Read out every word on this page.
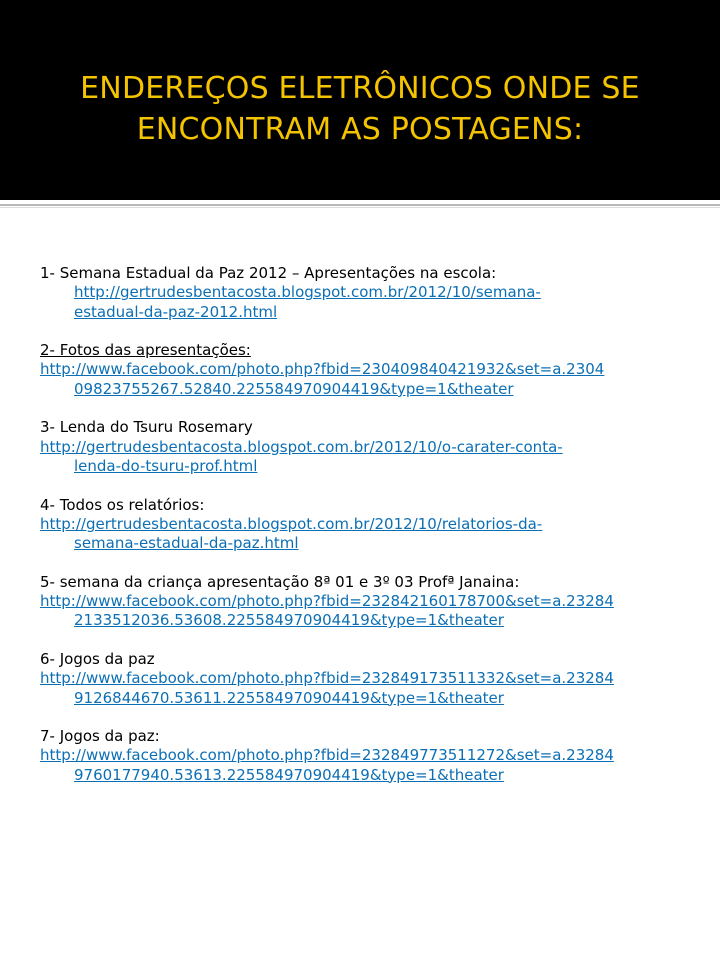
ENDEREÇOS ELETRÔNICOS ONDE SE
ENCONTRAM AS POSTAGENS:
1- Semana Estadual da Paz 2012 – Apresentações na escola:
http://gertrudesbentacosta.blogspot.com.br/2012/10/semana-
estadual-da-paz-2012.html
2- Fotos das apresentações:
http://www.facebook.com/photo.php?fbid=230409840421932&set=a.2304
09823755267.52840.225584970904419&type=1&theater
3- Lenda do Tsuru Rosemary
http://gertrudesbentacosta.blogspot.com.br/2012/10/o-carater-conta-
lenda-do-tsuru-prof.html
4- Todos os relatórios:
http://gertrudesbentacosta.blogspot.com.br/2012/10/relatorios-da-
semana-estadual-da-paz.html
5- semana da criança apresentação 8ª 01 e 3º 03 Profª Janaina:
http://www.facebook.com/photo.php?fbid=232842160178700&set=a.23284
2133512036.53608.225584970904419&type=1&theater
6- Jogos da paz
http://www.facebook.com/photo.php?fbid=232849173511332&set=a.23284
9126844670.53611.225584970904419&type=1&theater
7- Jogos da paz:
http://www.facebook.com/photo.php?fbid=232849773511272&set=a.23284
9760177940.53613.225584970904419&type=1&theater
